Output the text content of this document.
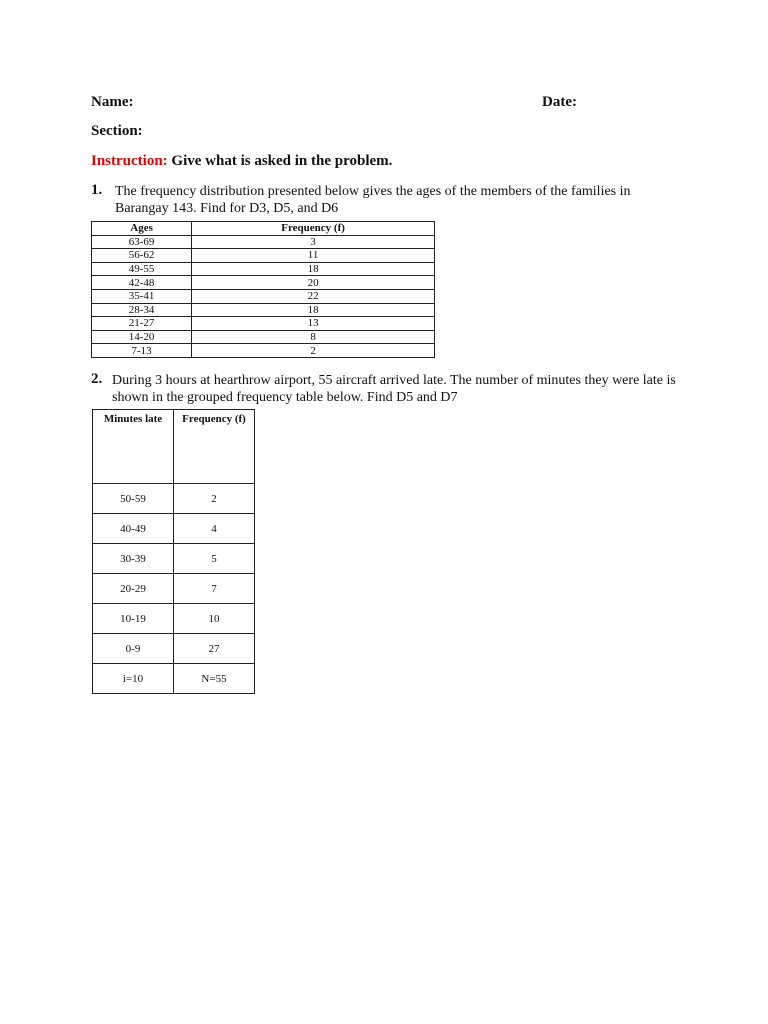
Name:	Date:
Section:
Instruction: Give what is asked in the problem.
1. The frequency distribution presented below gives the ages of the members of the families in
Barangay 143. Find for D3, D5, and D6
Ages	Frequency (f)
63-69	3
56-62	11
49-55	18
42-48	20
35-41	22
28-34	18
21-27	13
14-20	8
7-13	2
2. During 3 hours at hearthrow airport, 55 aircraft arrived late. The number of minutes they were late is
shown in the grouped frequency table below. Find D5 and D7
Minutes late	Frequency (f)
50-59	2
40-49	4
30-39	5
20-29	7
10-19	10
0-9	27
i=10	N=55
